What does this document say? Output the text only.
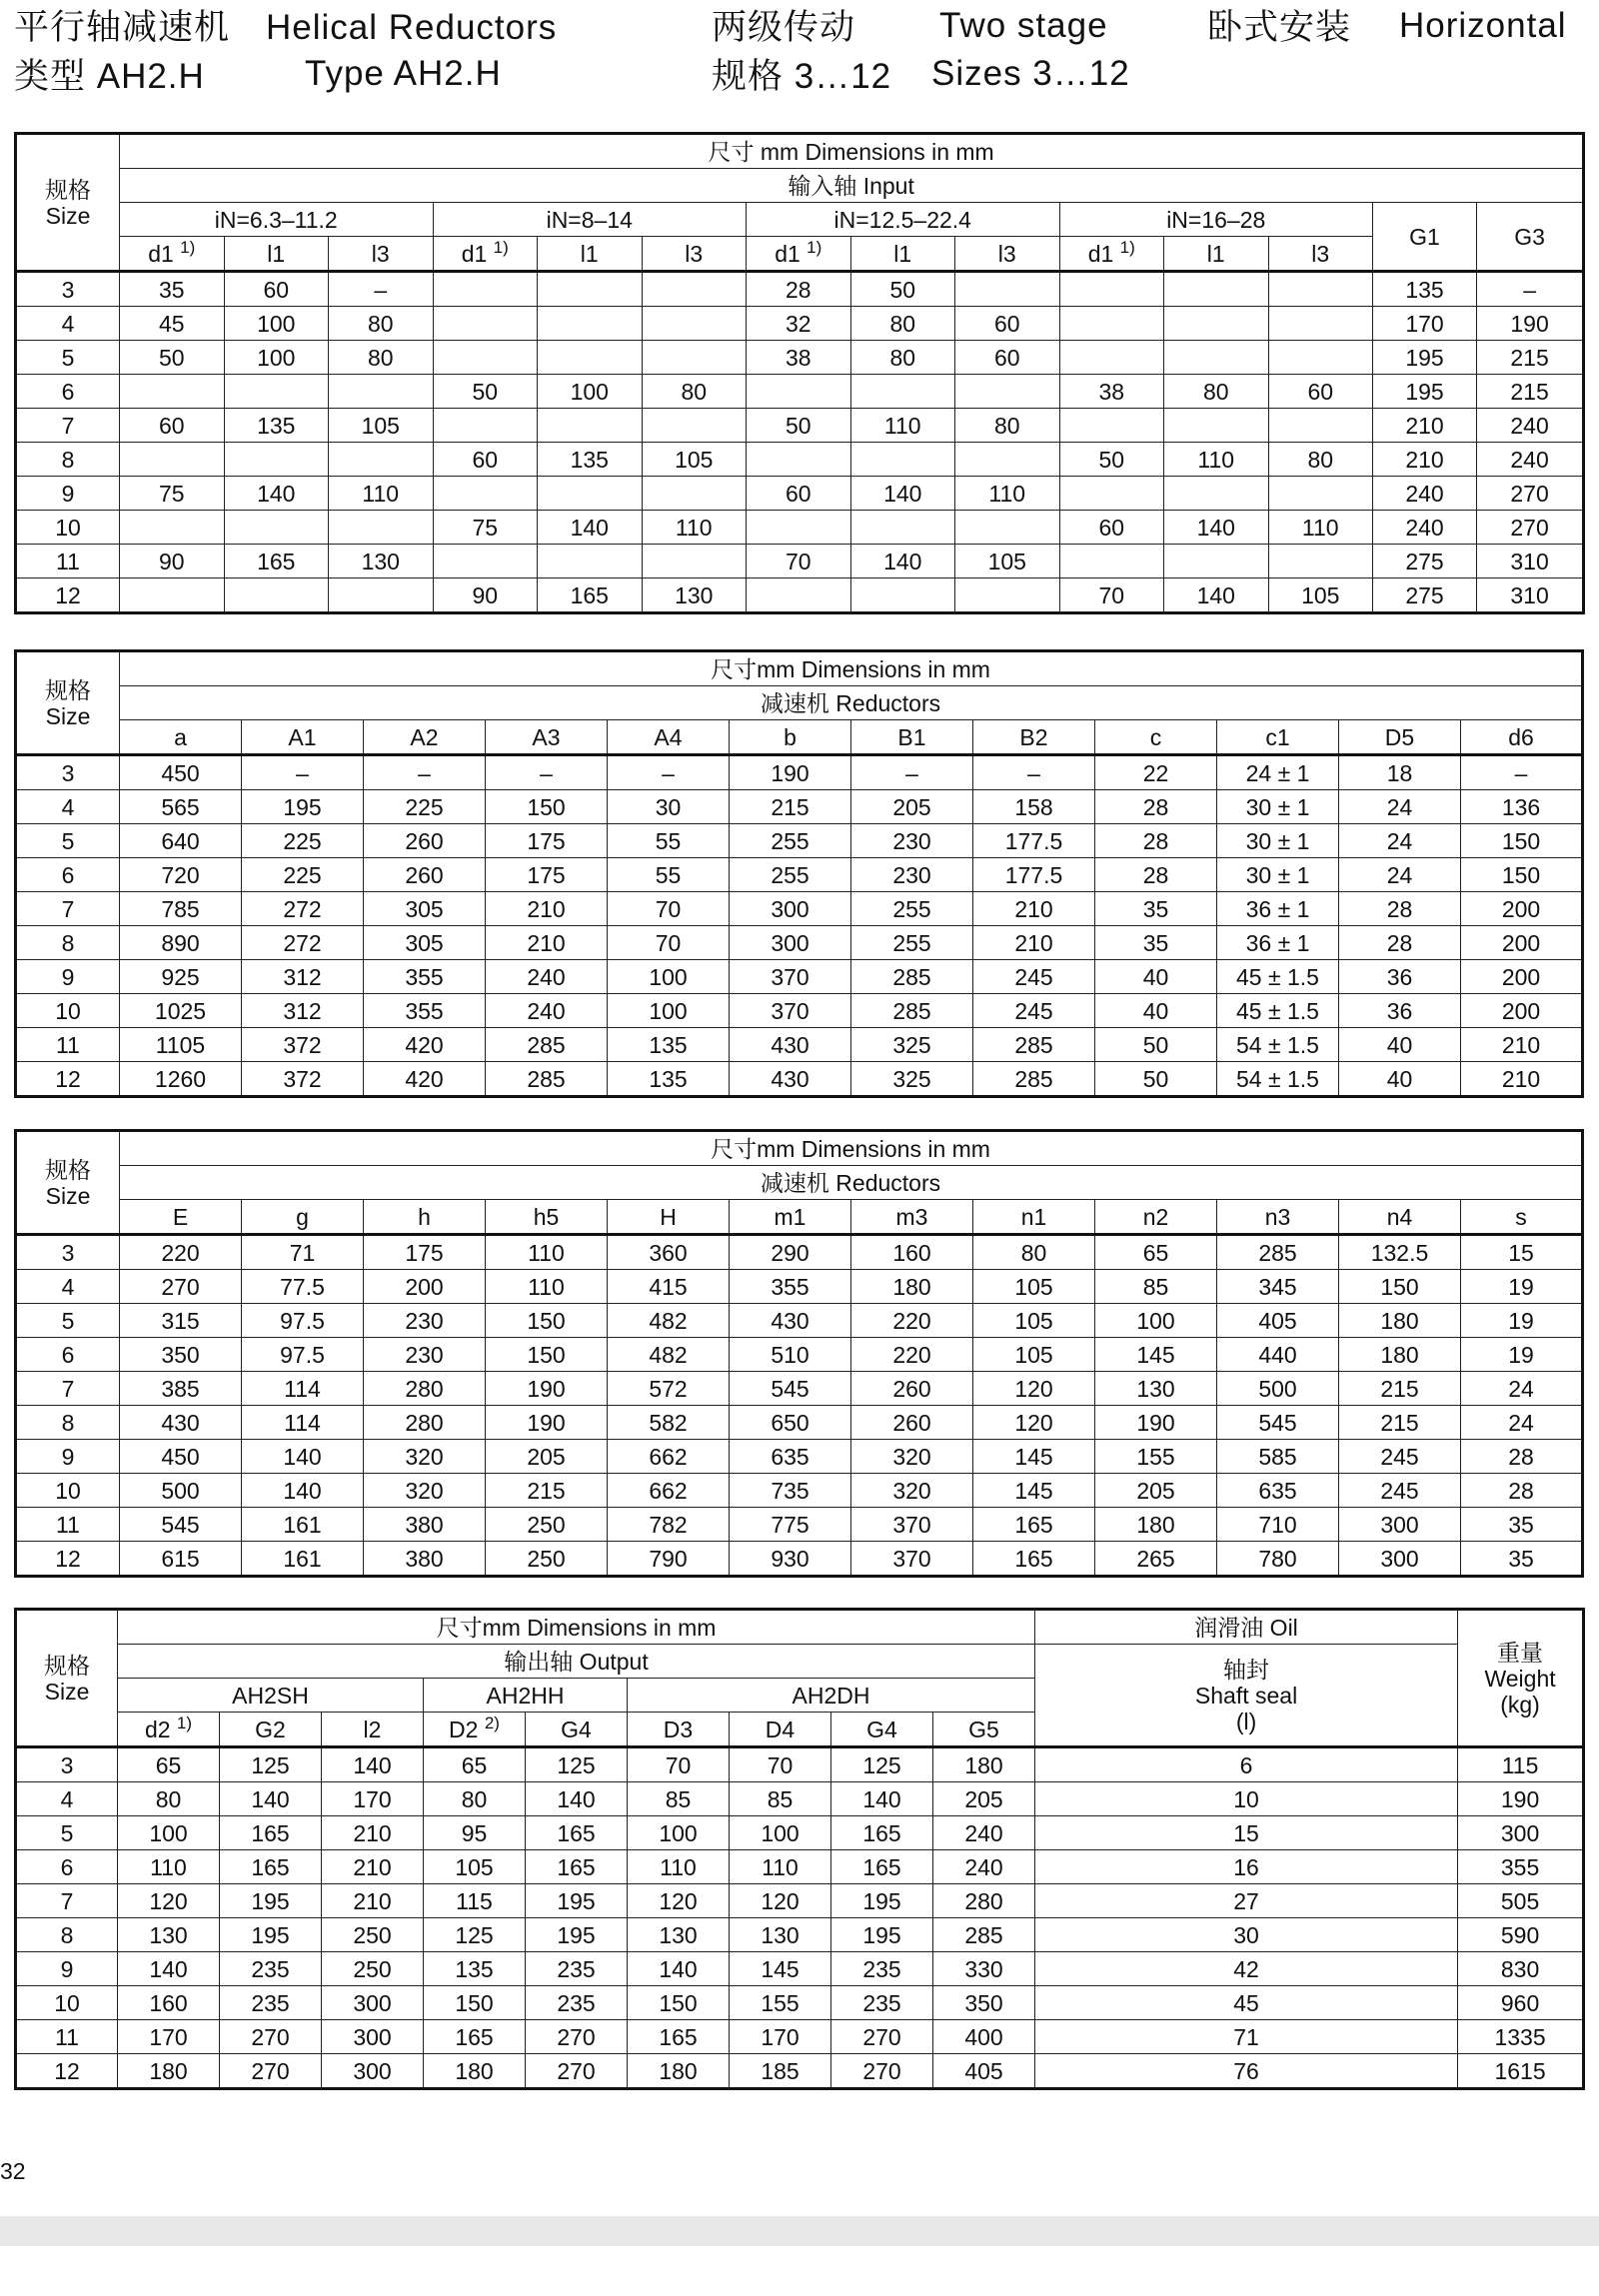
平行轴减速机 Helical Reductors
类型 AH2.H	Type AH2.H
两级传动 Two stage
规格 3…12 Sizes 3…12
卧式安装 Horizontal
规格
Size	尺寸 mm Dimensions in mm													
	输入轴 Input													
	iN=6.3–11.2			iN=8–14			iN=12.5–22.4			iN=16–28			G1	G3
	d1 $^{1)}$	l1	l3	d1 $^{1)}$	l1	l3	d1 $^{1)}$	l1	l3	d1 $^{1)}$	l1	l3		
3	35	60	–				28	50					135	–
4	45	100	80				32	80	60				170	190
5	50	100	80				38	80	60				195	215
6				50	100	80				38	80	60	195	215
7	60	135	105				50	110	80				210	240
8				60	135	105				50	110	80	210	240
9	75	140	110				60	140	110				240	270
10				75	140	110				60	140	110	240	270
11	90	165	130				70	140	105				275	310
12				90	165	130				70	140	105	275	310
规格
Size	尺寸mm Dimensions in mm											
	减速机 Reductors											
	a	A1	A2	A3	A4	b	B1	B2	c	c1	D5	d6
3	450	–	–	–	–	190	–	–	22	24 ± 1	18	–
4	565	195	225	150	30	215	205	158	28	30 ± 1	24	136
5	640	225	260	175	55	255	230	177.5	28	30 ± 1	24	150
6	720	225	260	175	55	255	230	177.5	28	30 ± 1	24	150
7	785	272	305	210	70	300	255	210	35	36 ± 1	28	200
8	890	272	305	210	70	300	255	210	35	36 ± 1	28	200
9	925	312	355	240	100	370	285	245	40	45 ± 1.5	36	200
10	1025	312	355	240	100	370	285	245	40	45 ± 1.5	36	200
11	1105	372	420	285	135	430	325	285	50	54 ± 1.5	40	210
12	1260	372	420	285	135	430	325	285	50	54 ± 1.5	40	210
规格
Size	尺寸mm Dimensions in mm											
	减速机 Reductors											
	E	g	h	h5	H	m1	m3	n1	n2	n3	n4	s
3	220	71	175	110	360	290	160	80	65	285	132.5	15
4	270	77.5	200	110	415	355	180	105	85	345	150	19
5	315	97.5	230	150	482	430	220	105	100	405	180	19
6	350	97.5	230	150	482	510	220	105	145	440	180	19
7	385	114	280	190	572	545	260	120	130	500	215	24
8	430	114	280	190	582	650	260	120	190	545	215	24
9	450	140	320	205	662	635	320	145	155	585	245	28
10	500	140	320	215	662	735	320	145	205	635	245	28
11	545	161	380	250	782	775	370	165	180	710	300	35
12	615	161	380	250	790	930	370	165	265	780	300	35
规格
Size	尺寸mm Dimensions in mm									润滑油 Oil	重量
Weight
(kg)
	输出轴 Output									轴封
Shaft seal
(l)	
	AH2SH			AH2HH		AH2DH					
	d2 $^{1)}$	G2	l2	D2 $^{2)}$	G4	D3	D4	G4	G5		
3	65	125	140	65	125	70	70	125	180	6	115
4	80	140	170	80	140	85	85	140	205	10	190
5	100	165	210	95	165	100	100	165	240	15	300
6	110	165	210	105	165	110	110	165	240	16	355
7	120	195	210	115	195	120	120	195	280	27	505
8	130	195	250	125	195	130	130	195	285	30	590
9	140	235	250	135	235	140	145	235	330	42	830
10	160	235	300	150	235	150	155	235	350	45	960
11	170	270	300	165	270	165	170	270	400	71	1335
12	180	270	300	180	270	180	185	270	405	76	1615
32
